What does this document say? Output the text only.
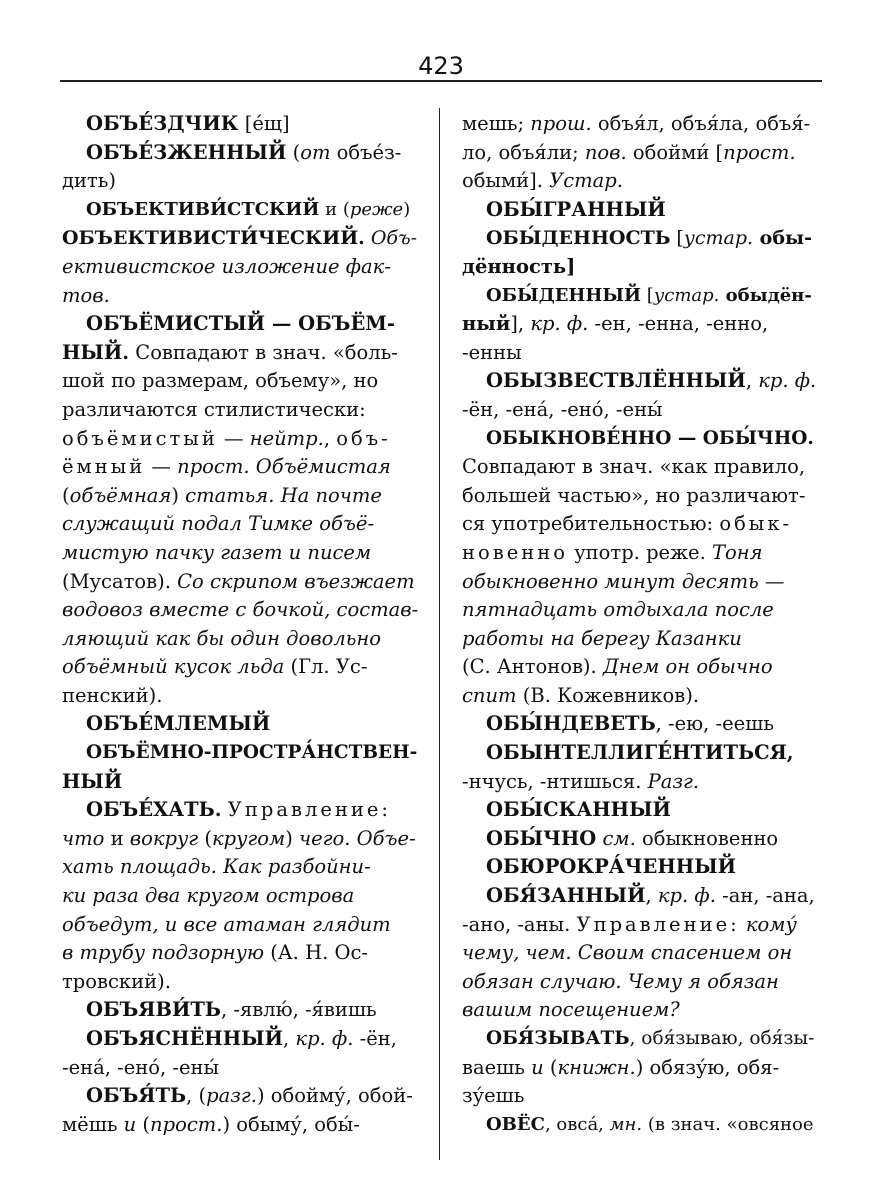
423
ОБЪЕ́ЗДЧИК [е́щ]
ОБЪЕ́ЗЖЕННЫЙ (от объе́з-
дить)
ОБЪЕКТИВИ́СТСКИЙ и (реже)
ОБЪЕКТИВИСТИ́ЧЕСКИЙ. Объ-
ективистское изложение фак-
тов.
ОБЪЁМИСТЫЙ — ОБЪЁМ-
НЫЙ. Совпадают в знач. «боль-
шой по размерам, объему», но
различаются стилистически:
объёмистый — нейтр., объ-
ёмный — прост. Объёмистая
(объёмная) статья. На почте
служащий подал Тимке объё-
мистую пачку газет и писем
(Мусатов). Со скрипом въезжает
водовоз вместе с бочкой, состав-
ляющий как бы один довольно
объёмный кусок льда (Гл. Ус-
пенский).
ОБЪЕ́МЛЕМЫЙ
ОБЪЁМНО-ПРОСТРА́НСТВЕН-
НЫЙ
ОБЪЕ́ХАТЬ. Управление:
что и вокруг (кругом) чего. Объе-
хать площадь. Как разбойни-
ки раза два кругом острова
объедут, и все атаман глядит
в трубу подзорную (А. Н. Ос-
тровский).
ОБЪЯВИ́ТЬ, -явлю́, -я́вишь
ОБЪЯСНЁННЫЙ, кр. ф. -ён,
-ена́, -ено́, -ены́
ОБЪЯ́ТЬ, (разг.) обойму́, обой-
мёшь и (прост.) обыму́, обы́-
мешь; прош. объя́л, объя́ла, объя́-
ло, объя́ли; пов. обойми́ [прост.
обыми́]. Устар.
ОБЫ́ГРАННЫЙ
ОБЫ́ДЕННОСТЬ [устар. обы-
дённость]
ОБЫ́ДЕННЫЙ [устар. обыдён-
ный], кр. ф. -ен, -енна, -енно,
-енны
ОБЫЗВЕСТВЛЁННЫЙ, кр. ф.
-ён, -ена́, -ено́, -ены́
ОБЫКНОВЕ́ННО — ОБЫ́ЧНО.
Совпадают в знач. «как правило,
большей частью», но различают-
ся употребительностью: обык-
новенно употр. реже. Тоня
обыкновенно минут десять —
пятнадцать отдыхала после
работы на берегу Казанки
(С. Антонов). Днем он обычно
спит (В. Кожевников).
ОБЫ́НДЕВЕТЬ, -ею, -еешь
ОБЫНТЕЛЛИГЕ́НТИТЬСЯ,
-нчусь, -нтишься. Разг.
ОБЫ́СКАННЫЙ
ОБЫ́ЧНО см. обыкновенно
ОБЮРОКРА́ЧЕННЫЙ
ОБЯ́ЗАННЫЙ, кр. ф. -ан, -ана,
-ано, -аны. Управление: кому́
чему, чем. Своим спасением он
обязан случаю. Чему я обязан
вашим посещением?
ОБЯ́ЗЫВАТЬ, обя́зываю, обя́зы-
ваешь и (книжн.) обязу́ю, обя-
зу́ешь
ОВЁС, овса́, мн. (в знач. «овсяное
